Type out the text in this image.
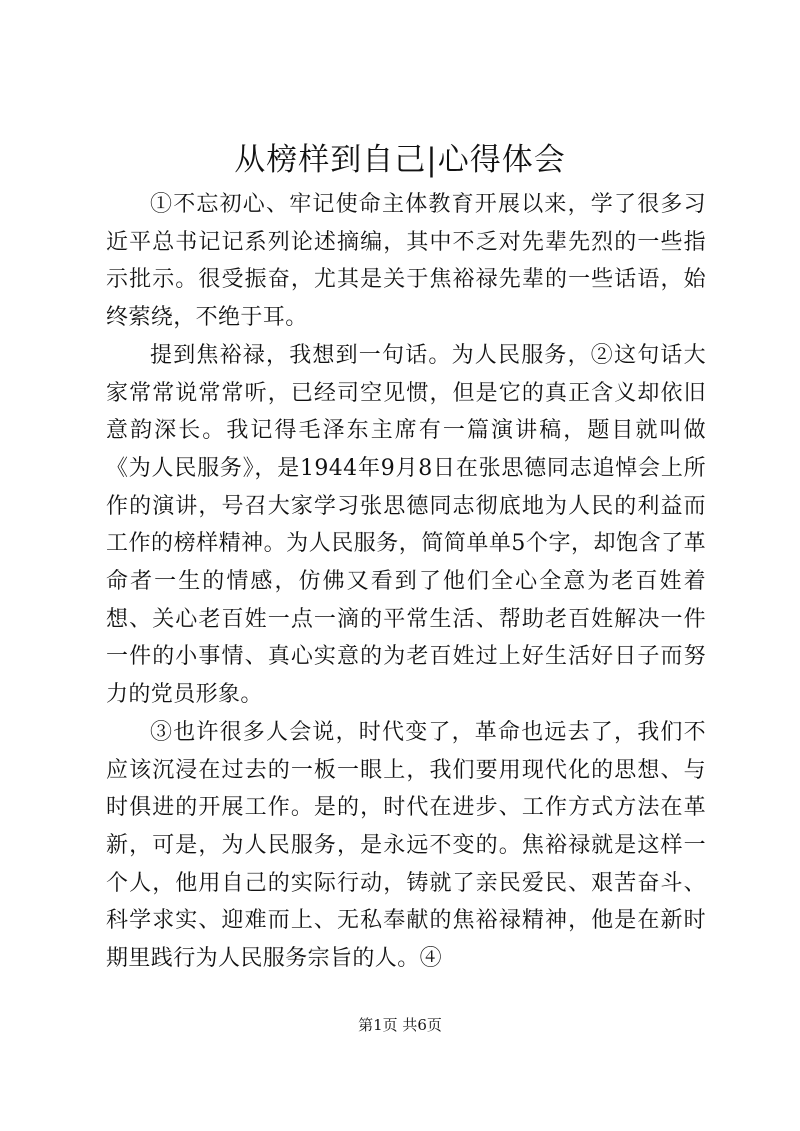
从榜样到自己|心得体会

①不忘初心、牢记使命主体教育开展以来，学了很多习近平总书记记系列论述摘编，其中不乏对先辈先烈的一些指示批示。很受振奋，尤其是关于焦裕禄先辈的一些话语，始终萦绕，不绝于耳。

提到焦裕禄，我想到一句话。为人民服务，②这句话大家常常说常常听，已经司空见惯，但是它的真正含义却依旧意韵深长。我记得毛泽东主席有一篇演讲稿，题目就叫做《为人民服务》，是1944年9月8日在张思德同志追悼会上所作的演讲，号召大家学习张思德同志彻底地为人民的利益而工作的榜样精神。为人民服务，简简单单5个字，却饱含了革命者一生的情感，仿佛又看到了他们全心全意为老百姓着想、关心老百姓一点一滴的平常生活、帮助老百姓解决一件一件的小事情、真心实意的为老百姓过上好生活好日子而努力的党员形象。

③也许很多人会说，时代变了，革命也远去了，我们不应该沉浸在过去的一板一眼上，我们要用现代化的思想、与时俱进的开展工作。是的，时代在进步、工作方式方法在革新，可是，为人民服务，是永远不变的。焦裕禄就是这样一个人，他用自己的实际行动，铸就了亲民爱民、艰苦奋斗、科学求实、迎难而上、无私奉献的焦裕禄精神，他是在新时期里践行为人民服务宗旨的人。④

第1页 共6页
